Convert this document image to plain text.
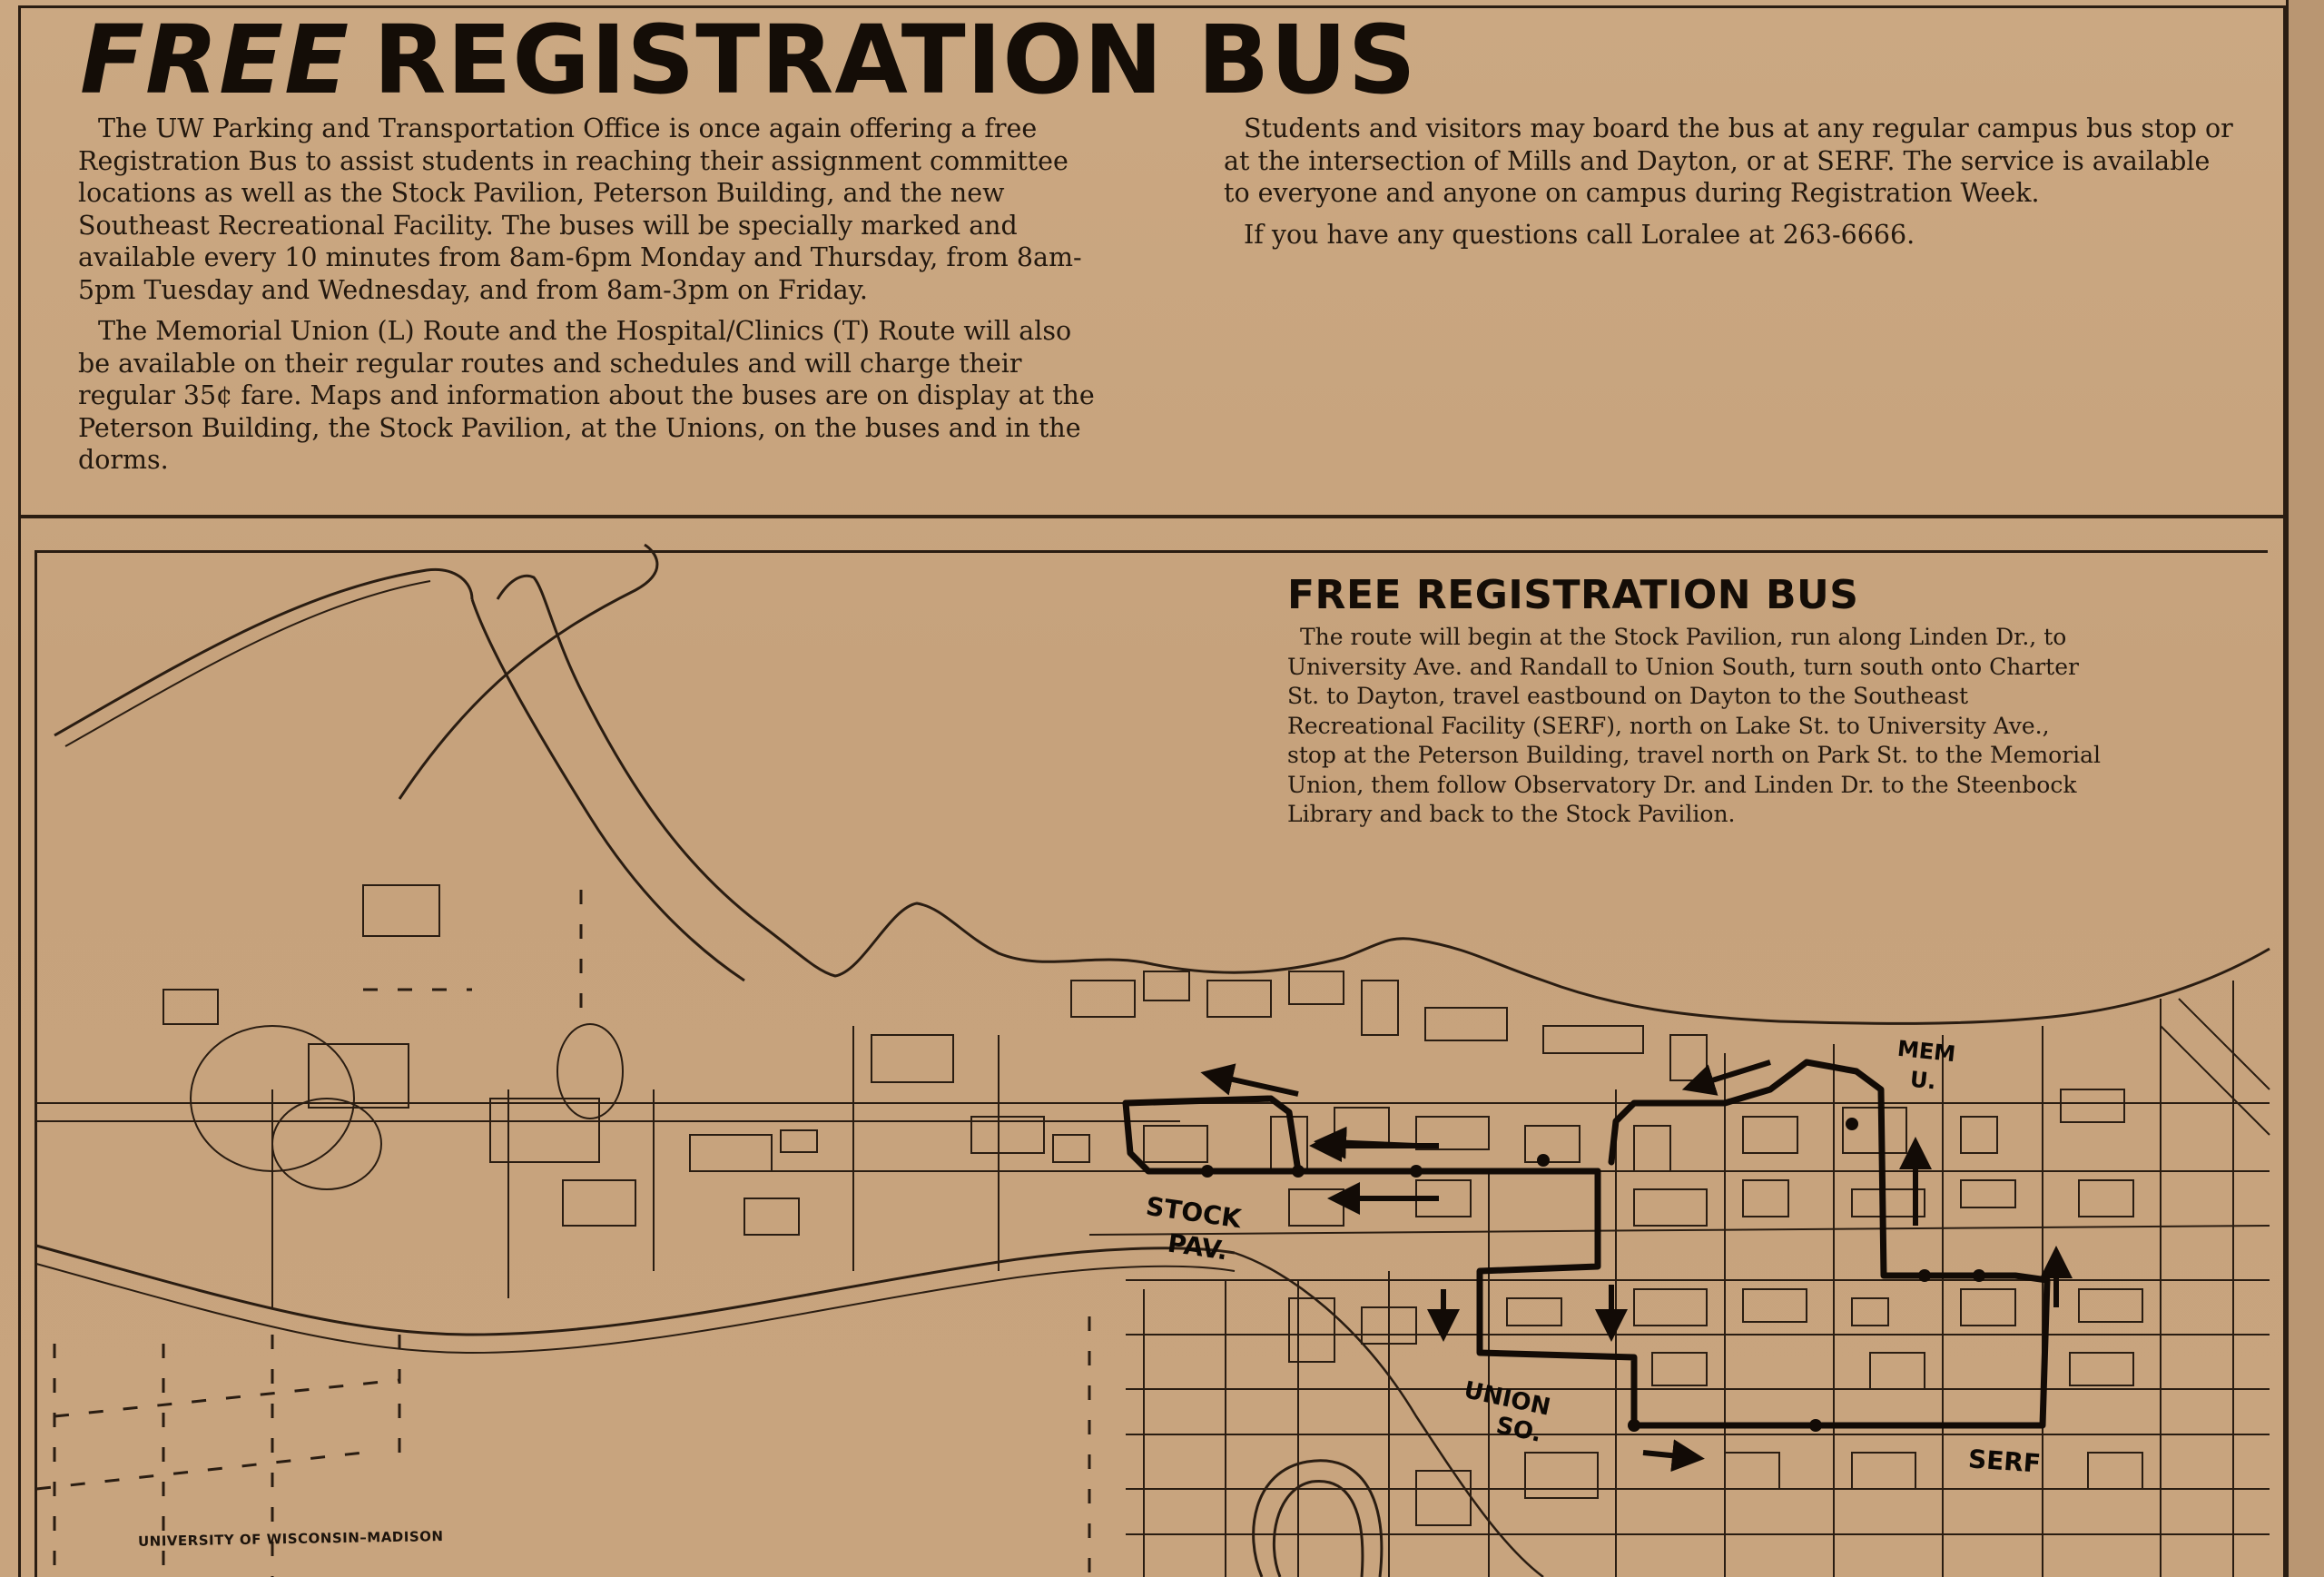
FREE REGISTRATION BUS

The UW Parking and Transportation Office is once again offering a free Registration Bus to assist students in reaching their assignment committee locations as well as the Stock Pavilion, Peterson Building, and the new Southeast Recreational Facility. The buses will be specially marked and available every 10 minutes from 8am-6pm Monday and Thursday, from 8am-5pm Tuesday and Wednesday, and from 8am-3pm on Friday.

The Memorial Union (L) Route and the Hospital/Clinics (T) Route will also be available on their regular routes and schedules and will charge their regular 35¢ fare. Maps and information about the buses are on display at the Peterson Building, the Stock Pavilion, at the Unions, on the buses and in the dorms.

Students and visitors may board the bus at any regular campus bus stop or at the intersection of Mills and Dayton, or at SERF. The service is available to everyone and anyone on campus during Registration Week.

If you have any questions call Loralee at 263-6666.

FREE REGISTRATION BUS

The route will begin at the Stock Pavilion, run along Linden Dr., to University Ave. and Randall to Union South, turn south onto Charter St. to Dayton, travel eastbound on Dayton to the Southeast Recreational Facility (SERF), north on Lake St. to University Ave., stop at the Peterson Building, travel north on Park St. to the Memorial Union, them follow Observatory Dr. and Linden Dr. to the Steenbock Library and back to the Stock Pavilion.

STOCK
PAV.
UNION
SO.
MEM
U.
SERF
UNIVERSITY OF WISCONSIN–MADISON
